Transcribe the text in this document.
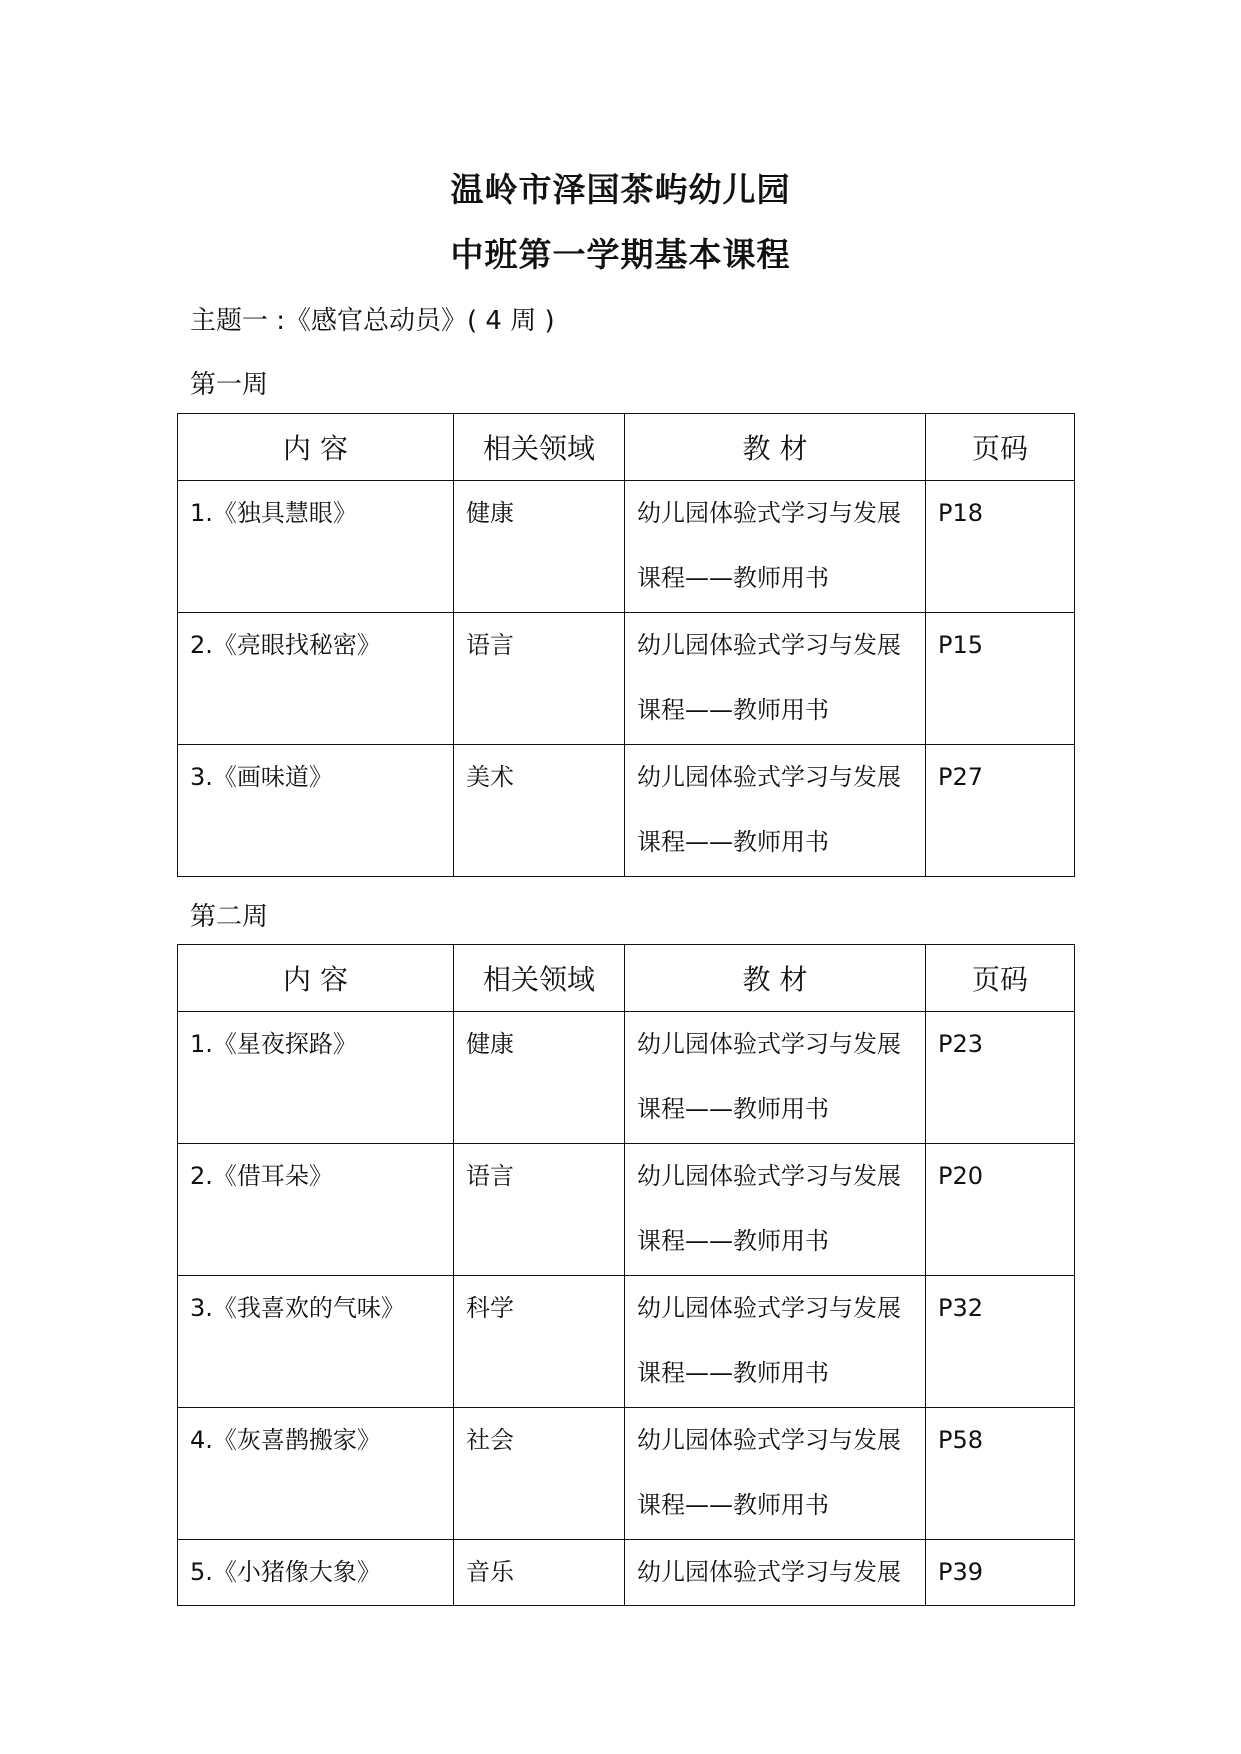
温岭市泽国茶屿幼儿园
中班第一学期基本课程
主题一 :《感官总动员》( 4 周 )
第一周
内 容	相关领域	教 材	页码

1.《独具慧眼》	健康	幼儿园体验式学习与发展
课程——教师用书	P18

2.《亮眼找秘密》	语言	幼儿园体验式学习与发展
课程——教师用书	P15

3.《画味道》	美术	幼儿园体验式学习与发展
课程——教师用书	P27
第二周
内 容	相关领域	教 材	页码

1.《星夜探路》	健康	幼儿园体验式学习与发展
课程——教师用书	P23

2.《借耳朵》	语言	幼儿园体验式学习与发展
课程——教师用书	P20

3.《我喜欢的气味》	科学	幼儿园体验式学习与发展
课程——教师用书	P32

4.《灰喜鹊搬家》	社会	幼儿园体验式学习与发展
课程——教师用书	P58

5.《小猪像大象》	音乐	幼儿园体验式学习与发展	P39
